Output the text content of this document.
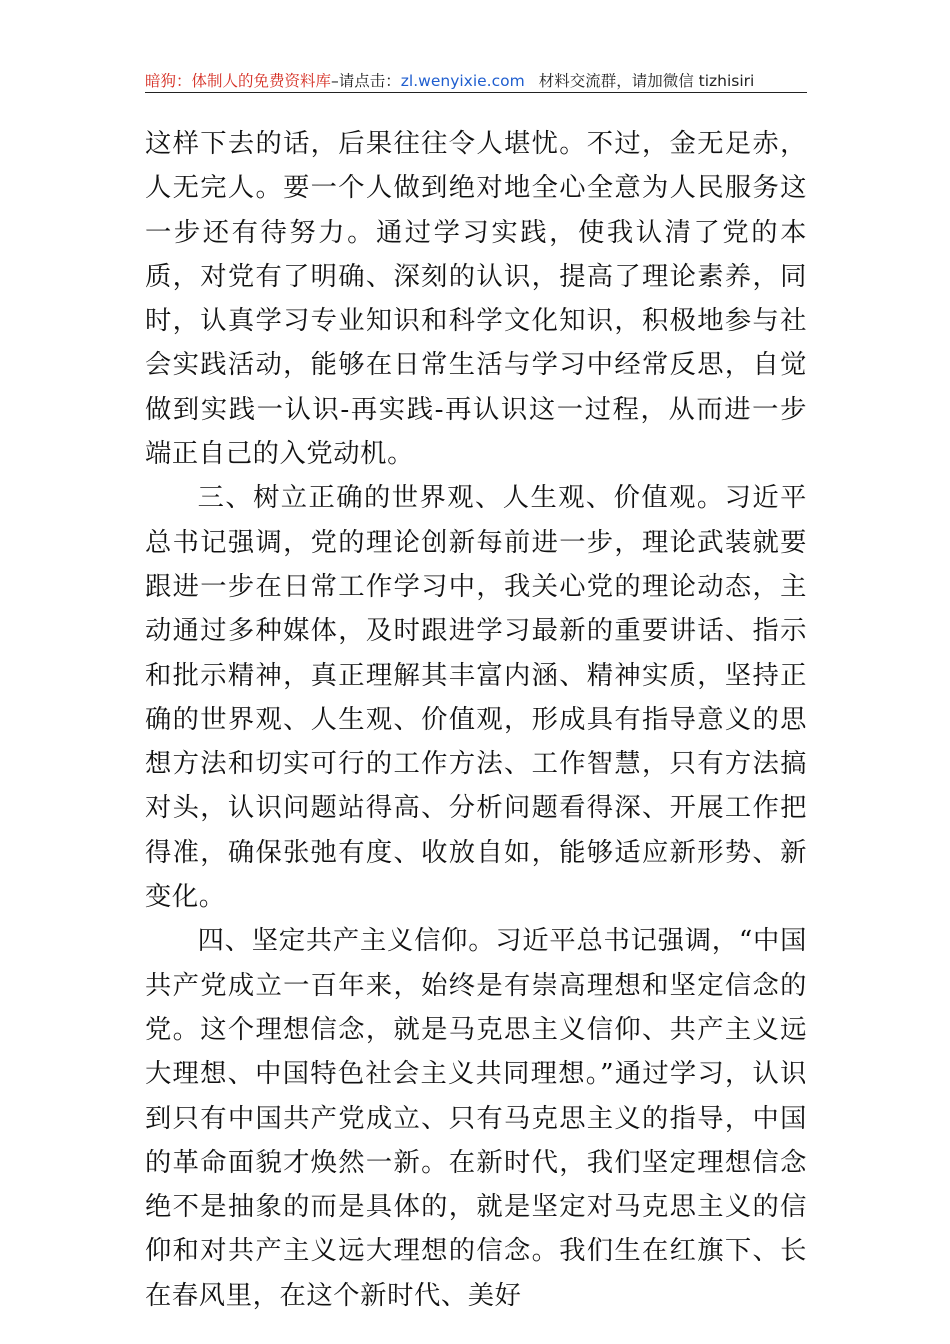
暗狗：体制人的免费资料库–请点击：zl.wenyixie.com 材料交流群，请加微信 tizhisiri

这样下去的话，后果往往令人堪忧。不过，金无足赤，人无完人。要一个人做到绝对地全心全意为人民服务这一步还有待努力。通过学习实践，使我认清了党的本质，对党有了明确、深刻的认识，提高了理论素养，同时，认真学习专业知识和科学文化知识，积极地参与社会实践活动，能够在日常生活与学习中经常反思，自觉做到实践一认识-再实践-再认识这一过程，从而进一步端正自己的入党动机。

三、树立正确的世界观、人生观、价值观。习近平总书记强调，党的理论创新每前进一步，理论武装就要跟进一步在日常工作学习中，我关心党的理论动态，主动通过多种媒体，及时跟进学习最新的重要讲话、指示和批示精神，真正理解其丰富内涵、精神实质，坚持正确的世界观、人生观、价值观，形成具有指导意义的思想方法和切实可行的工作方法、工作智慧，只有方法搞对头，认识问题站得高、分析问题看得深、开展工作把得准，确保张弛有度、收放自如，能够适应新形势、新变化。

四、坚定共产主义信仰。习近平总书记强调，“中国共产党成立一百年来，始终是有崇高理想和坚定信念的党。这个理想信念，就是马克思主义信仰、共产主义远大理想、中国特色社会主义共同理想。”通过学习，认识到只有中国共产党成立、只有马克思主义的指导，中国的革命面貌才焕然一新。在新时代，我们坚定理想信念绝不是抽象的而是具体的，就是坚定对马克思主义的信仰和对共产主义远大理想的信念。我们生在红旗下、长在春风里，在这个新时代、美好
